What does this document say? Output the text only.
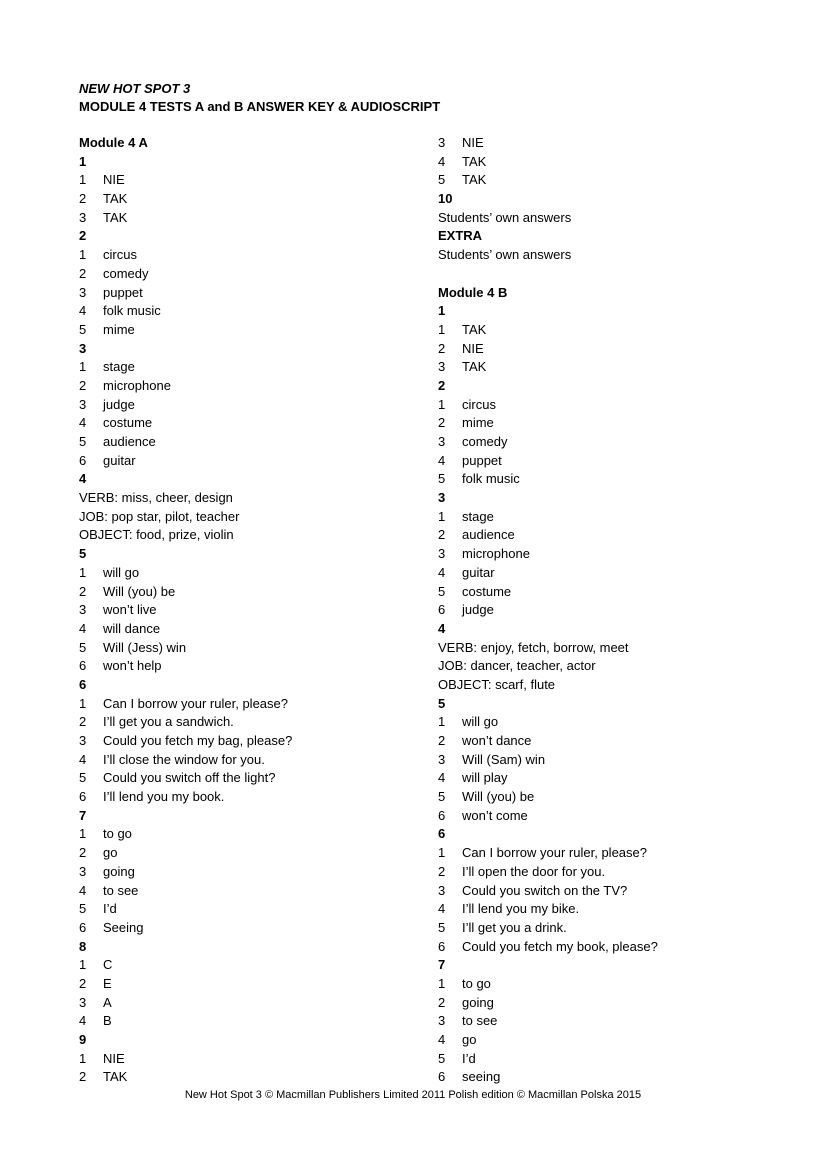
NEW HOT SPOT 3
MODULE 4 TESTS A and B ANSWER KEY & AUDIOSCRIPT
Module 4 A
1
1 NIE
2 TAK
3 TAK
2
1 circus
2 comedy
3 puppet
4 folk music
5 mime
3
1 stage
2 microphone
3 judge
4 costume
5 audience
6 guitar
4
VERB: miss, cheer, design
JOB: pop star, pilot, teacher
OBJECT: food, prize, violin
5
1 will go
2 Will (you) be
3 won’t live
4 will dance
5 Will (Jess) win
6 won’t help
6
1 Can I borrow your ruler, please?
2 I’ll get you a sandwich.
3 Could you fetch my bag, please?
4 I’ll close the window for you.
5 Could you switch off the light?
6 I’ll lend you my book.
7
1 to go
2 go
3 going
4 to see
5 I’d
6 Seeing
8
1 C
2 E
3 A
4 B
9
1 NIE
2 TAK
3 NIE
4 TAK
5 TAK
10
Students’ own answers
EXTRA
Students’ own answers
Module 4 B
1
1 TAK
2 NIE
3 TAK
2
1 circus
2 mime
3 comedy
4 puppet
5 folk music
3
1 stage
2 audience
3 microphone
4 guitar
5 costume
6 judge
4
VERB: enjoy, fetch, borrow, meet
JOB: dancer, teacher, actor
OBJECT: scarf, flute
5
1 will go
2 won’t dance
3 Will (Sam) win
4 will play
5 Will (you) be
6 won’t come
6
1 Can I borrow your ruler, please?
2 I’ll open the door for you.
3 Could you switch on the TV?
4 I’ll lend you my bike.
5 I’ll get you a drink.
6 Could you fetch my book, please?
7
1 to go
2 going
3 to see
4 go
5 I’d
6 seeing
New Hot Spot 3 © Macmillan Publishers Limited 2011 Polish edition © Macmillan Polska 2015
